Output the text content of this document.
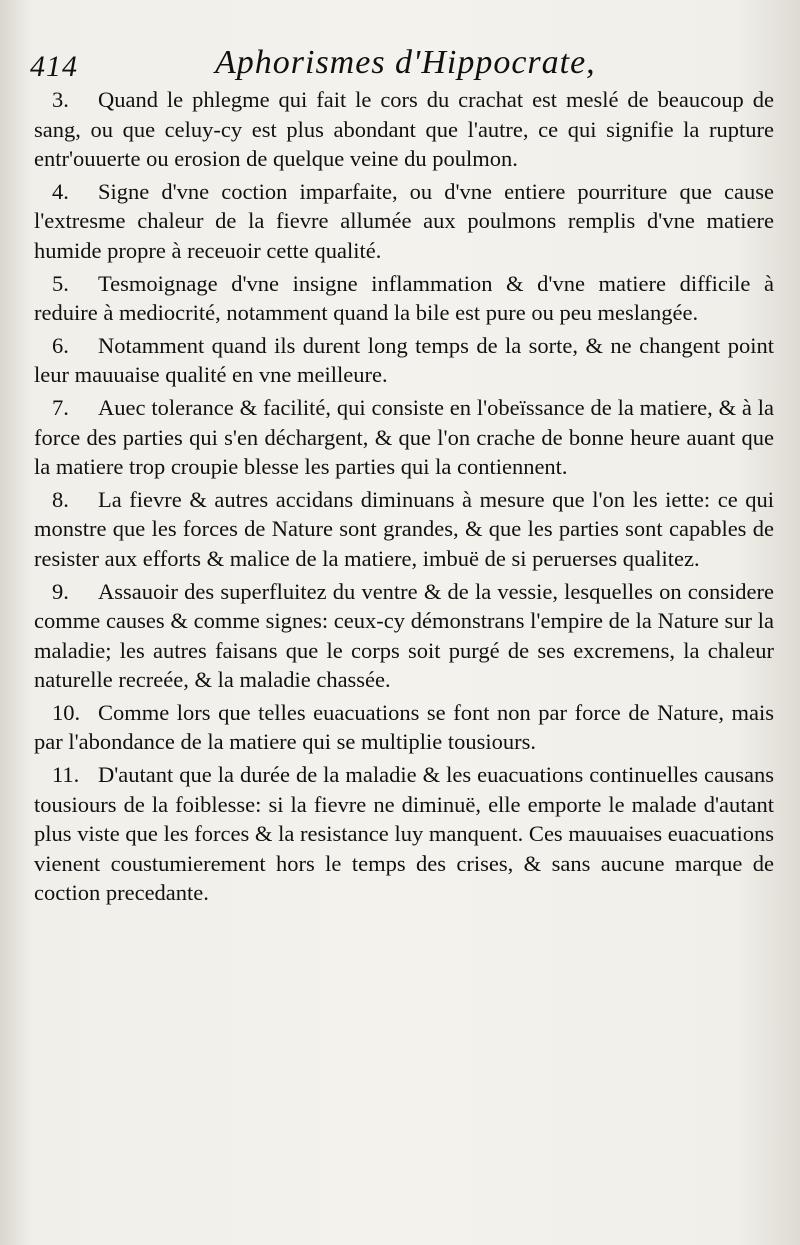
414	Aphorismes d'Hippocrate,

3. Quand le phlegme qui fait le cors du crachat est meslé de beaucoup de sang, ou que celuy-cy est plus abondant que l'autre, ce qui signifie la rupture entr'ouuerte ou erosion de quelque veine du poulmon.

4. Signe d'vne coction imparfaite, ou d'vne entiere pourriture que cause l'extresme chaleur de la fievre allumée aux poulmons remplis d'vne matiere humide propre à receuoir cette qualité.

5. Tesmoignage d'vne insigne inflammation & d'vne matiere difficile à reduire à mediocrité, notamment quand la bile est pure ou peu meslangée.

6. Notamment quand ils durent long temps de la sorte, & ne changent point leur mauuaise qualité en vne meilleure.

7. Auec tolerance & facilité, qui consiste en l'obeïssance de la matiere, & à la force des parties qui s'en déchargent, & que l'on crache de bonne heure auant que la matiere trop croupie blesse les parties qui la contiennent.

8. La fievre & autres accidans diminuans à mesure que l'on les iette: ce qui monstre que les forces de Nature sont grandes, & que les parties sont capables de resister aux efforts & malice de la matiere, imbuë de si peruerses qualitez.

9. Assauoir des superfluitez du ventre & de la vessie, lesquelles on considere comme causes & comme signes: ceux-cy démonstrans l'empire de la Nature sur la maladie; les autres faisans que le corps soit purgé de ses excremens, la chaleur naturelle recreée, & la maladie chassée.

10. Comme lors que telles euacuations se font non par force de Nature, mais par l'abondance de la matiere qui se multiplie tousiours.

11. D'autant que la durée de la maladie & les euacuations continuelles causans tousiours de la foiblesse: si la fievre ne diminuë, elle emporte le malade d'autant plus viste que les forces & la resistance luy manquent. Ces mauuaises euacuations vienent coustumierement hors le temps des crises, & sans aucune marque de coction precedante.
